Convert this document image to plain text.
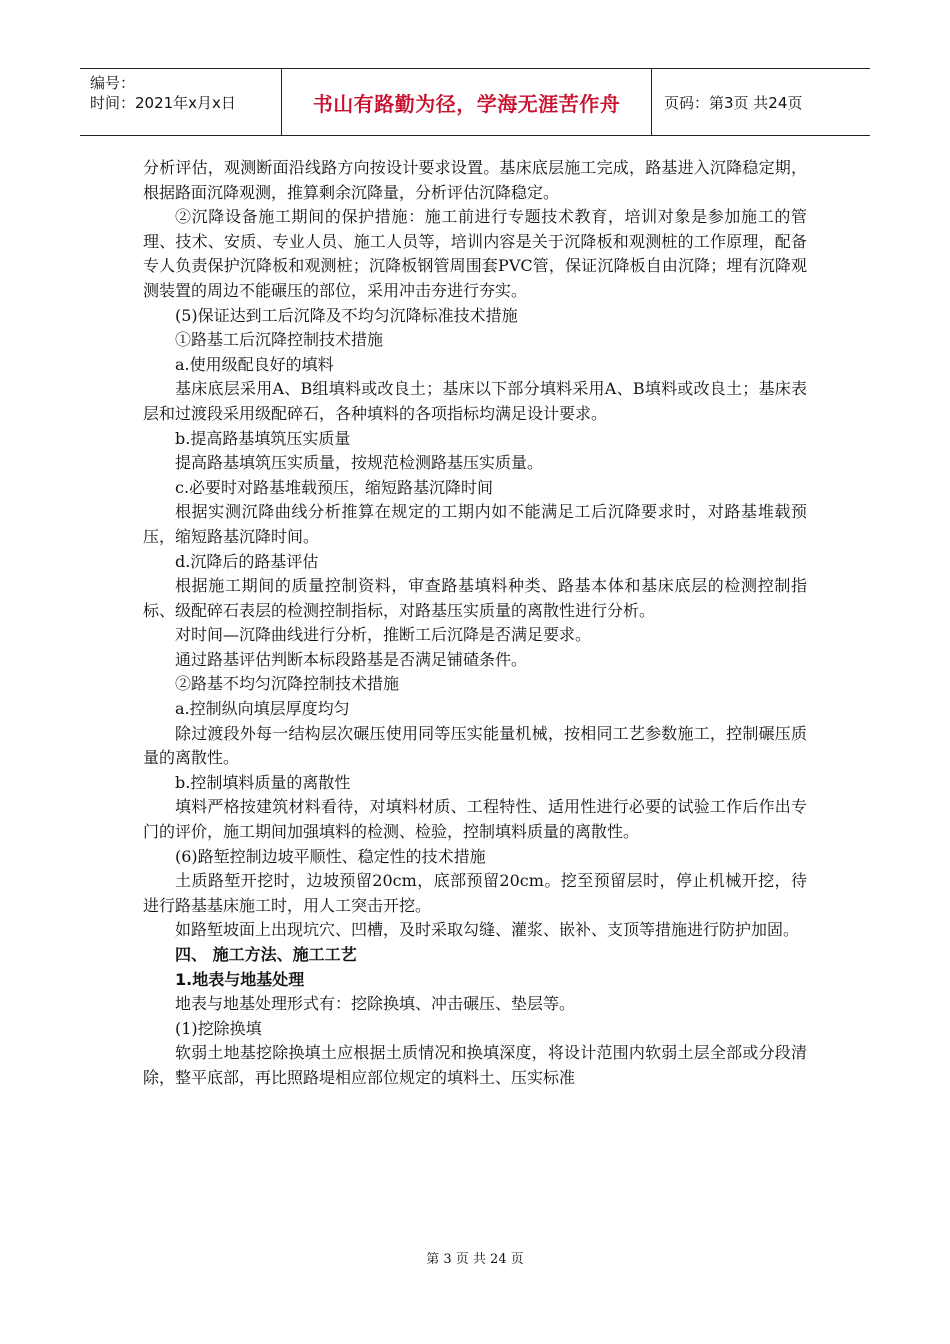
编号：
时间：2021年x月x日	书山有路勤为径，学海无涯苦作舟	页码：第3页 共24页

分析评估，观测断面沿线路方向按设计要求设置。基床底层施工完成，路基进入沉降稳定期，根据路面沉降观测，推算剩余沉降量，分析评估沉降稳定。

②沉降设备施工期间的保护措施：施工前进行专题技术教育，培训对象是参加施工的管理、技术、安质、专业人员、施工人员等，培训内容是关于沉降板和观测桩的工作原理，配备专人负责保护沉降板和观测桩；沉降板钢管周围套PVC管，保证沉降板自由沉降；埋有沉降观测装置的周边不能碾压的部位，采用冲击夯进行夯实。

(5)保证达到工后沉降及不均匀沉降标准技术措施

①路基工后沉降控制技术措施

a.使用级配良好的填料

基床底层采用A、B组填料或改良土；基床以下部分填料采用A、B填料或改良土；基床表层和过渡段采用级配碎石，各种填料的各项指标均满足设计要求。

b.提高路基填筑压实质量

提高路基填筑压实质量，按规范检测路基压实质量。

c.必要时对路基堆载预压，缩短路基沉降时间

根据实测沉降曲线分析推算在规定的工期内如不能满足工后沉降要求时，对路基堆载预压，缩短路基沉降时间。

d.沉降后的路基评估

根据施工期间的质量控制资料，审查路基填料种类、路基本体和基床底层的检测控制指标、级配碎石表层的检测控制指标，对路基压实质量的离散性进行分析。

对时间—沉降曲线进行分析，推断工后沉降是否满足要求。

通过路基评估判断本标段路基是否满足铺碴条件。

②路基不均匀沉降控制技术措施

a.控制纵向填层厚度均匀

除过渡段外每一结构层次碾压使用同等压实能量机械，按相同工艺参数施工，控制碾压质量的离散性。

b.控制填料质量的离散性

填料严格按建筑材料看待，对填料材质、工程特性、适用性进行必要的试验工作后作出专门的评价，施工期间加强填料的检测、检验，控制填料质量的离散性。

(6)路堑控制边坡平顺性、稳定性的技术措施

土质路堑开挖时，边坡预留20cm，底部预留20cm。挖至预留层时，停止机械开挖，待进行路基基床施工时，用人工突击开挖。

如路堑坡面上出现坑穴、凹槽，及时采取勾缝、灌浆、嵌补、支顶等措施进行防护加固。

四、 施工方法、施工工艺

1.地表与地基处理

地表与地基处理形式有：挖除换填、冲击碾压、垫层等。

(1)挖除换填

软弱土地基挖除换填土应根据土质情况和换填深度，将设计范围内软弱土层全部或分段清除，整平底部，再比照路堤相应部位规定的填料土、压实标准

第 3 页 共 24 页
